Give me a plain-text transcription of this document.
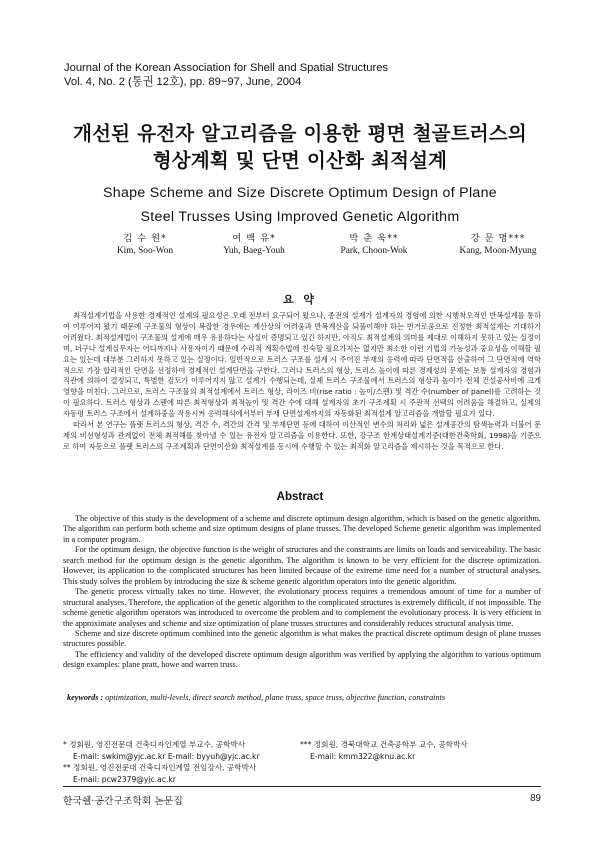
Journal of the Korean Association for Shell and Spatial Structures
Vol. 4, No. 2 (통권 12호), pp. 89~97, June, 2004
개선된 유전자 알고리즘을 이용한 평면 철골트러스의
형상계획 및 단면 이산화 최적설계
Shape Scheme and Size Discrete Optimum Design of Plane
Steel Trusses Using Improved Genetic Algorithm
김 수 원*
Kim, Soo-Won
여 백 유*
Yuh, Baeg-Youh
박 춘 욱**
Park, Choon-Wok
강 문 명***
Kang, Moon-Myung
요 약

최적설계기법을 사용한 경제적인 설계의 필요성은 오래 전부터 요구되어 왔으나, 종전의 설계가 설계자의 경험에 의한 시행착오적인 반복설계를 통하여 이루어져 왔기 때문에 구조물의 형상이 복잡한 경우에는 계산상의 어려움과 반복계산을 되풀이해야 하는 번거로움으로 진정한 최적설계는 기대하기 어려웠다. 최적설계법이 구조물의 설계에 매우 유용하다는 사실이 증명되고 있긴 하지만, 아직도 최적설계의 의미를 제대로 이해하지 못하고 있는 실정이며, 더구나 설계실무자는 어디까지나 사용자이기 때문에 수리적 계획수법에 친숙할 필요가지는 없지만 최소한 이런 기법의 가능성과 중요성을 이해할 필요는 있는데 대부분 그러하지 못하고 있는 실정이다. 일반적으로 트러스 구조를 설계 시 주어진 부재의 응력에 따라 단면적을 산출하여 그 단면적에 역학적으로 가장 합리적인 단면을 선정하여 경제적인 설계단면을 구한다. 그러나 트러스의 형상, 트러스 높이에 따른 경제성의 문제는 보통 설계자의 경험과 직관에 의하여 결정되고, 특별한 검토가 이루어지지 않고 설계가 수행되는데, 실제 트러스 구조물에서 트러스의 형상과 높이가 전체 건설공사비에 크게 영향을 미친다. 그러므로, 트러스 구조물의 최적설계에서 트러스 형상, 라이즈 비(rise ratio : 높이/스팬) 및 격간 수(number of panel)를 고려하는 것이 필요하다. 트러스 형상과 스팬에 따른 최적형상과 최적높이 및 격간 수에 대해 설계자의 초기 구조계획 시 주관적 선택의 어려움을 해결하고, 실제의 자동평 트러스 구조에서 설계하중을 작용시켜 응력해석에서부터 부재 단면설계까지의 자동화된 최적설계 알고리즘을 개발할 필요가 있다.

따라서 본 연구는 플랫 트러스의 형상, 격간 수, 격간의 간격 및 부재단면 등에 대하여 이산적인 변수의 처리와 넓은 설계공간의 탐색능력과 더불어 문제의 비선형성과 관계없이 전체 최적해를 찾아낼 수 있는 유전자 알고리즘을 이용한다. 또한, 강구조 한계상태설계기준(대한건축학회, 1998)을 기준으로 하여 자동으로 플랫 트러스의 구조계획과 단면이산화 최적설계를 동시에 수행할 수 있는 최적화 알고리즘을 제시하는 것을 목적으로 한다.

Abstract

The objective of this study is the development of a scheme and discrete optimum design algorithm, which is based on the genetic algorithm. The algorithm can perform both scheme and size optimum designs of plane trusses. The developed Scheme genetic algorithm was implemented in a computer program.

For the optimum design, the objective function is the weight of structures and the constraints are limits on loads and serviceability. The basic search method for the optimum design is the genetic algorithm. The algorithm is known to be very efficient for the discrete optimization. However, its application to the complicated structures has been limited because of the extreme time need for a number of structural analyses. This study solves the problem by introducing the size & scheme genetic algorithm operators into the genetic algorithm.

The genetic process virtually takes no time. However, the evolutionary process requires a tremendous amount of time for a number of structural analyses. Therefore, the application of the genetic algorithm to the complicated structures is extremely difficult, if not impossible. The scheme genetic algorithm operators was introduced to overcome the problem and to complement the evolutionary process. It is very efficient in the approximate analyses and scheme and size optimization of plane trusses structures and considerably reduces structural analysis time.

Scheme and size discrete optimum combined into the genetic algorithm is what makes the practical discrete optimum design of plane trusses structures possible.

The efficiency and validity of the developed discrete optimum design algorithm was verified by applying the algorithm to various optimum design examples: plane pratt, howe and warren truss.

keywords : optimization, multi-levels, direct search method, plane truss, space truss, objective function, constraints
* 정회원, 영진전문대 건축디자인계열 부교수, 공학박사
E-mail: swkim@yjc.ac.kr E-mail: byyuh@yjc.ac.kr
** 정회원, 영진전문대 건축디자인계열 전임강사, 공학박사
E-mail: pcw2379@yjc.ac.kr
*** 정회원, 경북대학교 건축공학부 교수, 공학박사
E-mail: kmm322@knu.ac.kr
한국쉘·공간구조학회 논문집	89
